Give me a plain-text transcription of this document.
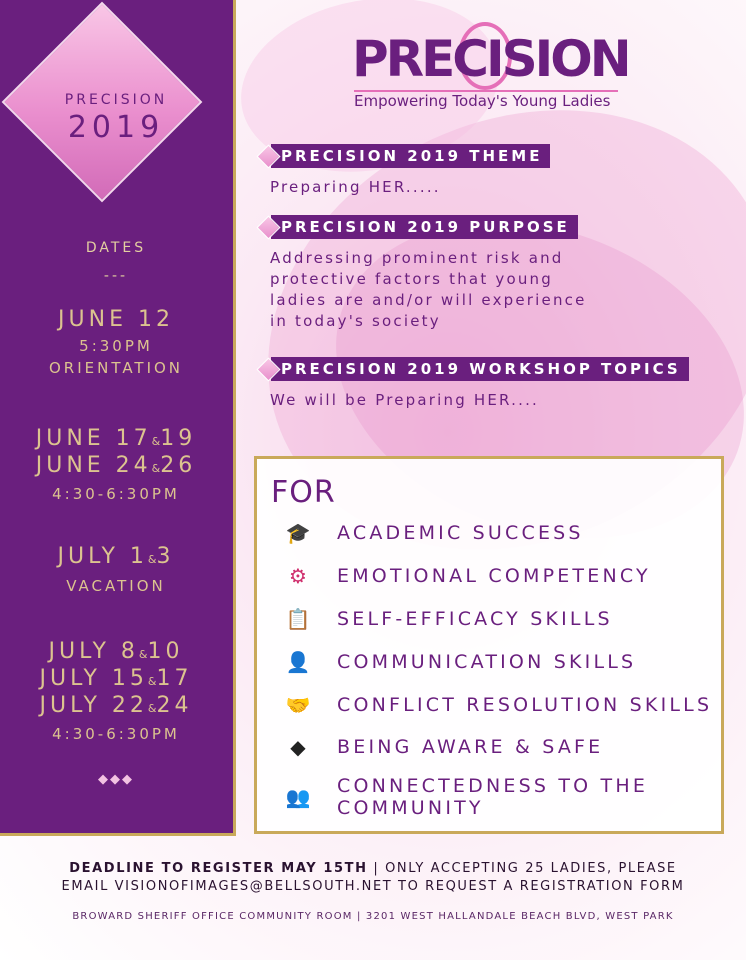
PRECISION
2019
DATES
---
JUNE 12
5:30PM
ORIENTATION
JUNE 17&19
JUNE 24&26
4:30-6:30PM
JULY 1&3
VACATION
JULY 8&10
JULY 15&17
JULY 22&24
4:30-6:30PM
◆◆◆
PRECISION
Empowering Today's Young Ladies
PRECISION 2019 THEME
Preparing HER.....
PRECISION 2019 PURPOSE
Addressing prominent risk and
protective factors that young
ladies are and/or will experience
in today's society
PRECISION 2019 WORKSHOP TOPICS
We will be Preparing HER....
FOR
🎓 ACADEMIC SUCCESS
⚙	EMOTIONAL COMPETENCY
📋 SELF-EFFICACY SKILLS
👤 COMMUNICATION SKILLS
🤝 CONFLICT RESOLUTION SKILLS
◆	BEING AWARE & SAFE
👥 CONNECTEDNESS TO THE
COMMUNITY
DEADLINE TO REGISTER MAY 15TH | ONLY ACCEPTING 25 LADIES, PLEASE
EMAIL VISIONOFIMAGES@BELLSOUTH.NET TO REQUEST A REGISTRATION FORM
BROWARD SHERIFF OFFICE COMMUNITY ROOM | 3201 WEST HALLANDALE BEACH BLVD, WEST PARK
